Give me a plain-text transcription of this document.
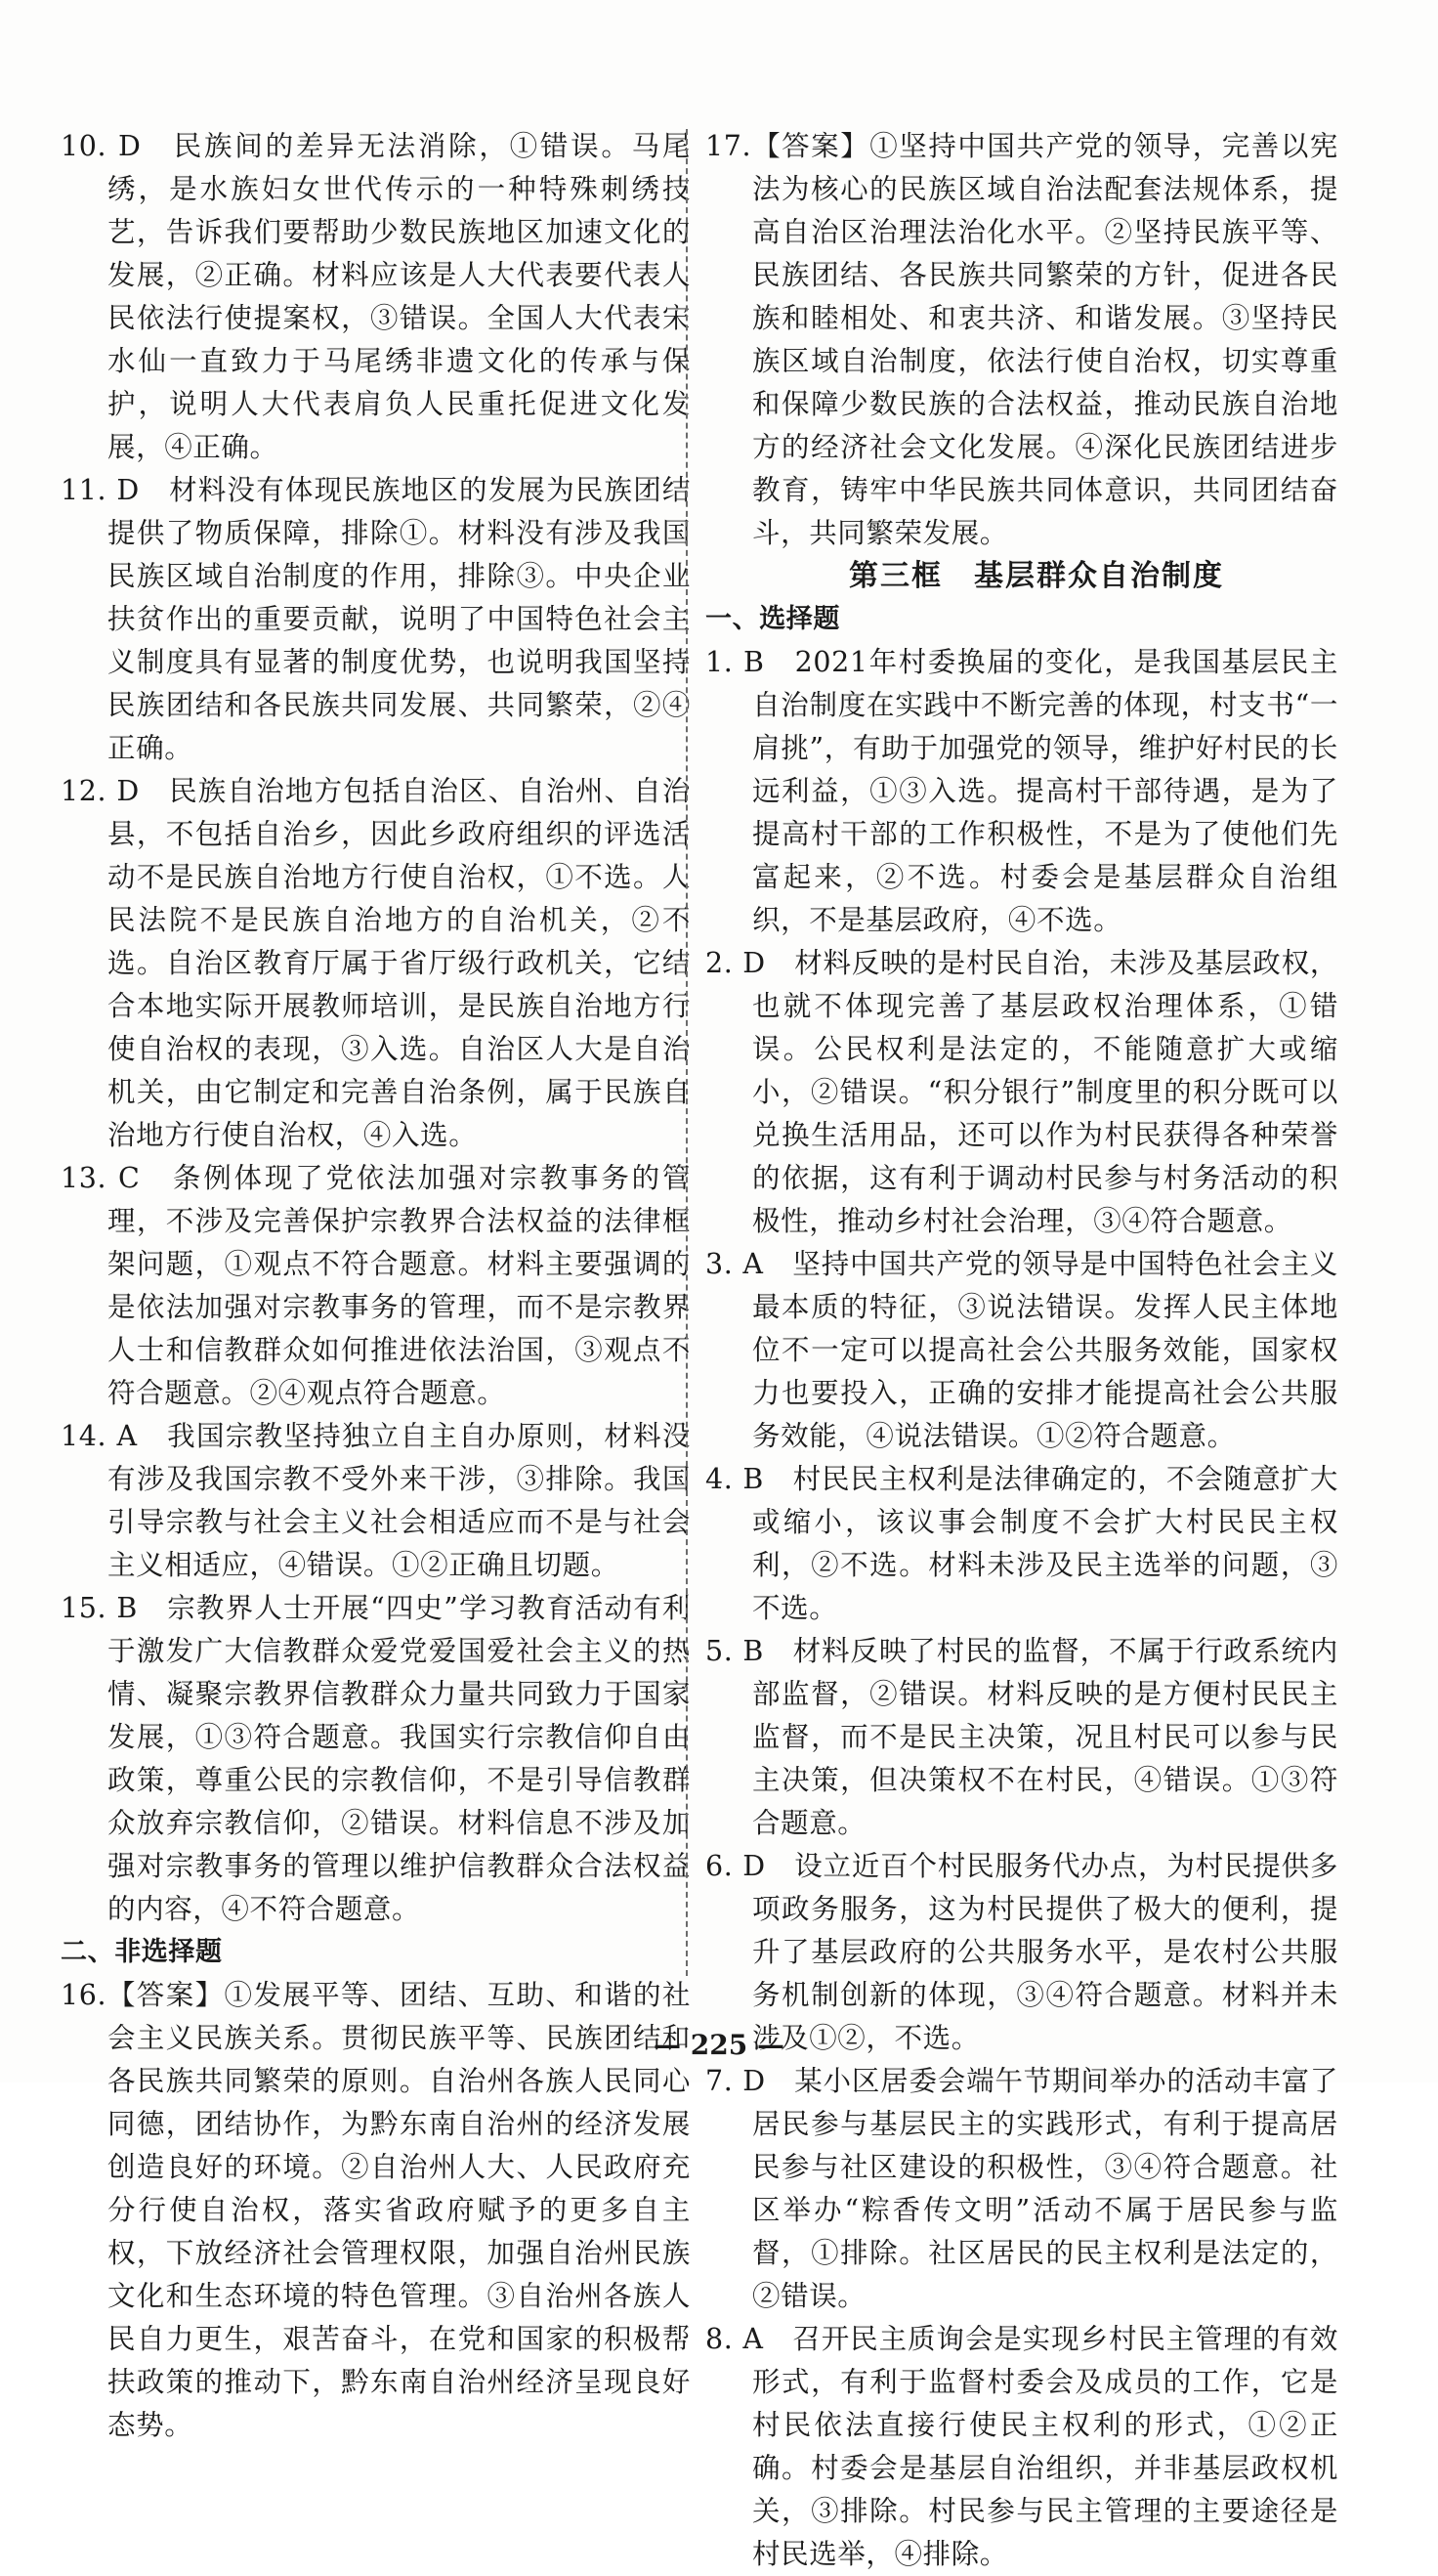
10. D　民族间的差异无法消除，①错误。马尾绣，是水族妇女世代传示的一种特殊刺绣技艺，告诉我们要帮助少数民族地区加速文化的发展，②正确。材料应该是人大代表要代表人民依法行使提案权，③错误。全国人大代表宋水仙一直致力于马尾绣非遗文化的传承与保护，说明人大代表肩负人民重托促进文化发展，④正确。

11. D　材料没有体现民族地区的发展为民族团结提供了物质保障，排除①。材料没有涉及我国民族区域自治制度的作用，排除③。中央企业扶贫作出的重要贡献，说明了中国特色社会主义制度具有显著的制度优势，也说明我国坚持民族团结和各民族共同发展、共同繁荣，②④正确。

12. D　民族自治地方包括自治区、自治州、自治县，不包括自治乡，因此乡政府组织的评选活动不是民族自治地方行使自治权，①不选。人民法院不是民族自治地方的自治机关，②不选。自治区教育厅属于省厅级行政机关，它结合本地实际开展教师培训，是民族自治地方行使自治权的表现，③入选。自治区人大是自治机关，由它制定和完善自治条例，属于民族自治地方行使自治权，④入选。

13. C　条例体现了党依法加强对宗教事务的管理，不涉及完善保护宗教界合法权益的法律框架问题，①观点不符合题意。材料主要强调的是依法加强对宗教事务的管理，而不是宗教界人士和信教群众如何推进依法治国，③观点不符合题意。②④观点符合题意。

14. A　我国宗教坚持独立自主自办原则，材料没有涉及我国宗教不受外来干涉，③排除。我国引导宗教与社会主义社会相适应而不是与社会主义相适应，④错误。①②正确且切题。

15. B　宗教界人士开展“四史”学习教育活动有利于激发广大信教群众爱党爱国爱社会主义的热情、凝聚宗教界信教群众力量共同致力于国家发展，①③符合题意。我国实行宗教信仰自由政策，尊重公民的宗教信仰，不是引导信教群众放弃宗教信仰，②错误。材料信息不涉及加强对宗教事务的管理以维护信教群众合法权益的内容，④不符合题意。

二、非选择题

16.【答案】①发展平等、团结、互助、和谐的社会主义民族关系。贯彻民族平等、民族团结和各民族共同繁荣的原则。自治州各族人民同心同德，团结协作，为黔东南自治州的经济发展创造良好的环境。②自治州人大、人民政府充分行使自治权，落实省政府赋予的更多自主权，下放经济社会管理权限，加强自治州民族文化和生态环境的特色管理。③自治州各族人民自力更生，艰苦奋斗，在党和国家的积极帮扶政策的推动下，黔东南自治州经济呈现良好态势。

17.【答案】①坚持中国共产党的领导，完善以宪法为核心的民族区域自治法配套法规体系，提高自治区治理法治化水平。②坚持民族平等、民族团结、各民族共同繁荣的方针，促进各民族和睦相处、和衷共济、和谐发展。③坚持民族区域自治制度，依法行使自治权，切实尊重和保障少数民族的合法权益，推动民族自治地方的经济社会文化发展。④深化民族团结进步教育，铸牢中华民族共同体意识，共同团结奋斗，共同繁荣发展。

第三框　基层群众自治制度

一、选择题

1. B　2021年村委换届的变化，是我国基层民主自治制度在实践中不断完善的体现，村支书“一肩挑”，有助于加强党的领导，维护好村民的长远利益，①③入选。提高村干部待遇，是为了提高村干部的工作积极性，不是为了使他们先富起来，②不选。村委会是基层群众自治组织，不是基层政府，④不选。

2. D　材料反映的是村民自治，未涉及基层政权，也就不体现完善了基层政权治理体系，①错误。公民权利是法定的，不能随意扩大或缩小，②错误。“积分银行”制度里的积分既可以兑换生活用品，还可以作为村民获得各种荣誉的依据，这有利于调动村民参与村务活动的积极性，推动乡村社会治理，③④符合题意。

3. A　坚持中国共产党的领导是中国特色社会主义最本质的特征，③说法错误。发挥人民主体地位不一定可以提高社会公共服务效能，国家权力也要投入，正确的安排才能提高社会公共服务效能，④说法错误。①②符合题意。

4. B　村民民主权利是法律确定的，不会随意扩大或缩小，该议事会制度不会扩大村民民主权利，②不选。材料未涉及民主选举的问题，③不选。

5. B　材料反映了村民的监督，不属于行政系统内部监督，②错误。材料反映的是方便村民民主监督，而不是民主决策，况且村民可以参与民主决策，但决策权不在村民，④错误。①③符合题意。

6. D　设立近百个村民服务代办点，为村民提供多项政务服务，这为村民提供了极大的便利，提升了基层政府的公共服务水平，是农村公共服务机制创新的体现，③④符合题意。材料并未涉及①②，不选。

7. D　某小区居委会端午节期间举办的活动丰富了居民参与基层民主的实践形式，有利于提高居民参与社区建设的积极性，③④符合题意。社区举办“粽香传文明”活动不属于居民参与监督，①排除。社区居民的民主权利是法定的，②错误。

8. A　召开民主质询会是实现乡村民主管理的有效形式，有利于监督村委会及成员的工作，它是村民依法直接行使民主权利的形式，①②正确。村委会是基层自治组织，并非基层政权机关，③排除。村民参与民主管理的主要途径是村民选举，④排除。

— 225 —
